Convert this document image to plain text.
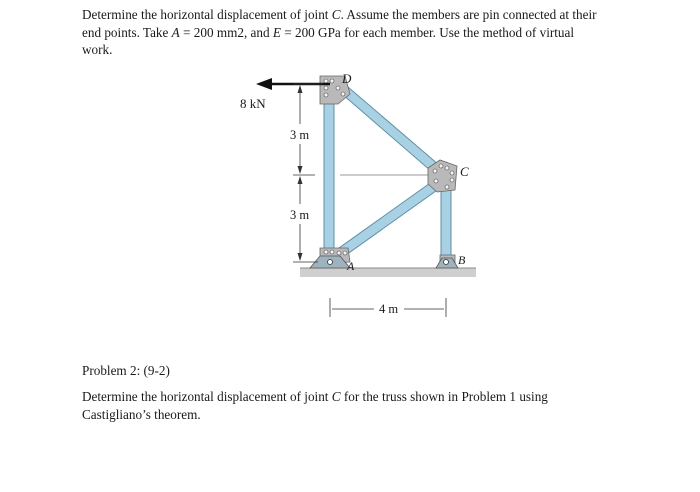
Determine the horizontal displacement of joint C. Assume the members are pin connected at their end points. Take A = 200 mm2, and E = 200 GPa for each member. Use the method of virtual work.
8 kN
3 m
3 m
4 m
D
C
B
A
Problem 2: (9-2)
Determine the horizontal displacement of joint C for the truss shown in Problem 1 using Castigliano’s theorem.
